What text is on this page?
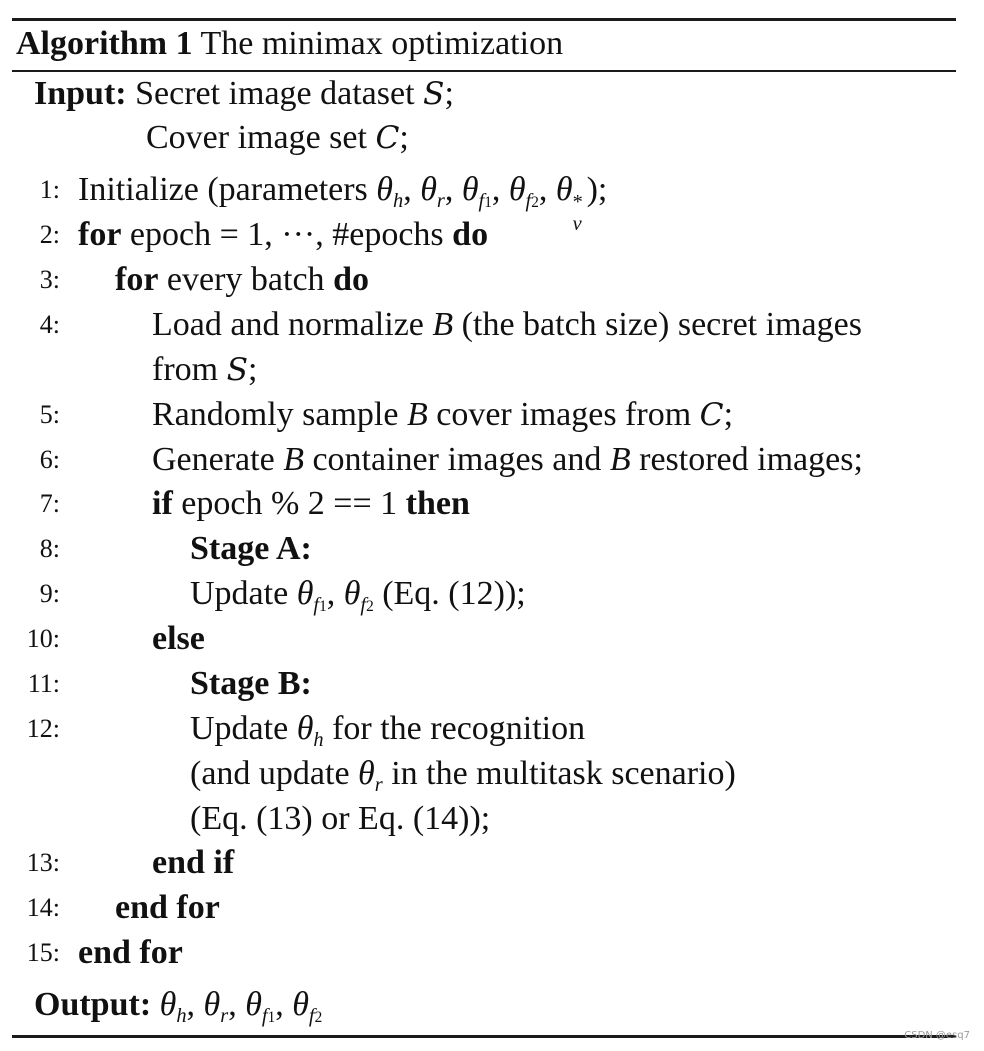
Algorithm 1 The minimax optimization
Input: Secret image dataset S;
Cover image set C;
1: Initialize (parameters $\theta_h$, $\theta_r$, $\theta_{f1}$, $\theta_{f2}$, θ *
v
);
2: for epoch = 1, ···, #epochs do
3: for every batch do
4:	Load and normalize B (the batch size) secret images
from S;
5:	Randomly sample B cover images from C;
6:	Generate B container images and B restored images;
7:	if epoch % 2 == 1 then
8:	Stage A:
9:	Update $\theta_{f1}$, $\theta_{f2}$ (Eq. (12));
10:	else
11:	Stage B:
12:	Update $\theta_h$ for the recognition
(and update $\theta_r$ in the multitask scenario)
(Eq. (13) or Eq. (14));
13:	end if
14: end for
15: end for
Output: $\theta_h$, $\theta_r$, $\theta_{f1}$, $\theta_{f2}$
CSDN @esq7
